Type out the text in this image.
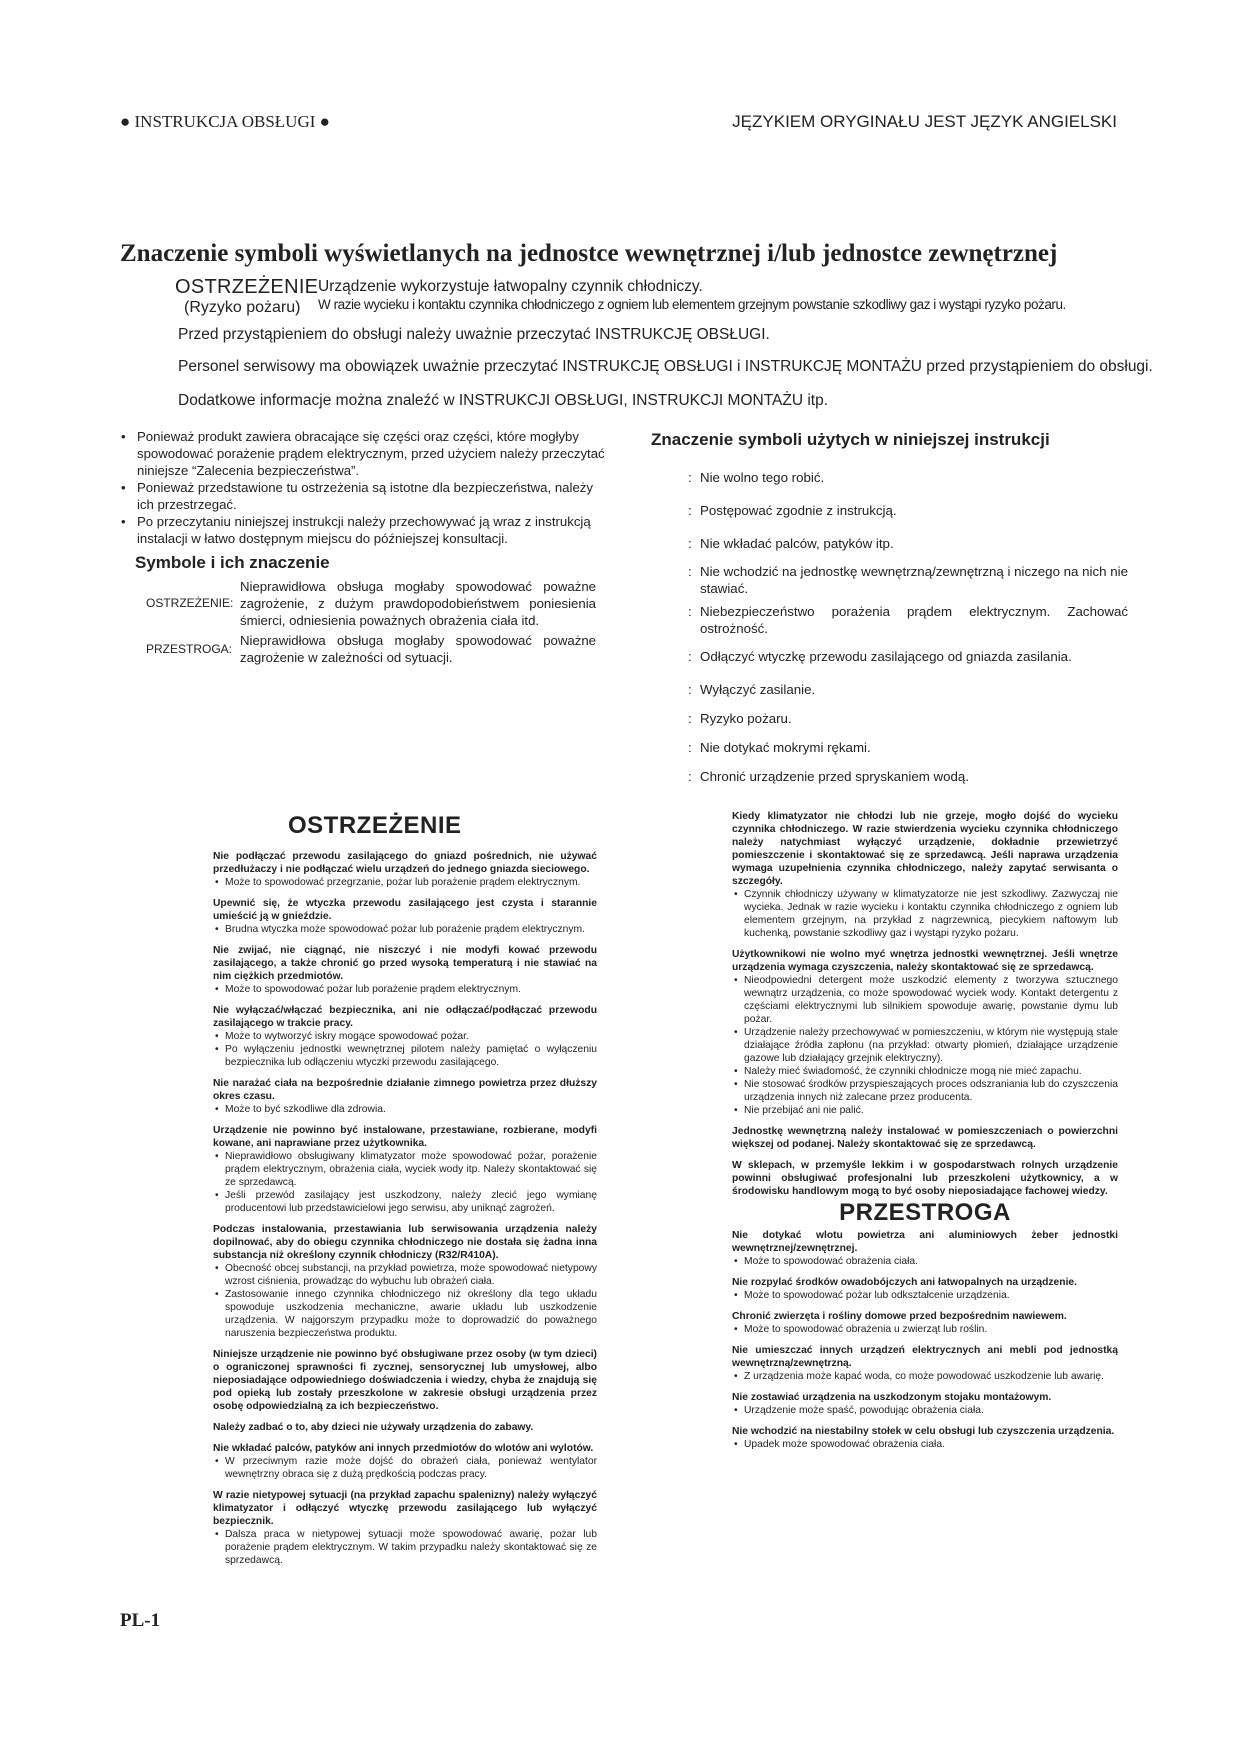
● INSTRUKCJA OBSŁUGI ●	JĘZYKIEM ORYGINAŁU JEST JĘZYK ANGIELSKI
Znaczenie symboli wyświetlanych na jednostce wewnętrznej i/lub jednostce zewnętrznej
OSTRZEŻENIE
(Ryzyko pożaru)
Urządzenie wykorzystuje łatwopalny czynnik chłodniczy.
W razie wycieku i kontaktu czynnika chłodniczego z ogniem lub elementem grzejnym powstanie szkodliwy gaz i wystąpi ryzyko pożaru.
Przed przystąpieniem do obsługi należy uważnie przeczytać INSTRUKCJĘ OBSŁUGI.
Personel serwisowy ma obowiązek uważnie przeczytać INSTRUKCJĘ OBSŁUGI i INSTRUKCJĘ MONTAŻU przed przystąpieniem do obsługi.
Dodatkowe informacje można znaleźć w INSTRUKCJI OBSŁUGI, INSTRUKCJI MONTAŻU itp.
• Ponieważ produkt zawiera obracające się części oraz części, które mogłyby spowodować porażenie prądem elektrycznym, przed użyciem należy przeczytać niniejsze “Zalecenia bezpieczeństwa”.
• Ponieważ przedstawione tu ostrzeżenia są istotne dla bezpieczeństwa, należy ich przestrzegać.
• Po przeczytaniu niniejszej instrukcji należy przechowywać ją wraz z instrukcją instalacji w łatwo dostępnym miejscu do późniejszej konsultacji.
Symbole i ich znaczenie
OSTRZEŻENIE:
Nieprawidłowa obsługa mogłaby spowodować poważne zagrożenie, z dużym prawdopodobieństwem poniesienia śmierci, odniesienia poważnych obrażenia ciała itd.
PRZESTROGA:
Nieprawidłowa obsługa mogłaby spowodować poważne zagrożenie w zależności od sytuacji.
Znaczenie symboli użytych w niniejszej instrukcji
: Nie wolno tego robić.
: Postępować zgodnie z instrukcją.
: Nie wkładać palców, patyków itp.
: Nie wchodzić na jednostkę wewnętrzną/zewnętrzną i niczego na nich nie stawiać.
: Niebezpieczeństwo porażenia prądem elektrycznym. Zachować ostrożność.
: Odłączyć wtyczkę przewodu zasilającego od gniazda zasilania.
: Wyłączyć zasilanie.
: Ryzyko pożaru.
: Nie dotykać mokrymi rękami.
: Chronić urządzenie przed spryskaniem wodą.
OSTRZEŻENIE
Nie podłączać przewodu zasilającego do gniazd pośrednich, nie używać przedłużaczy i nie podłączać wielu urządzeń do jednego gniazda sieciowego.
• Może to spowodować przegrzanie, pożar lub porażenie prądem elektrycznym.
Upewnić się, że wtyczka przewodu zasilającego jest czysta i starannie umieścić ją w gnieździe.
• Brudna wtyczka może spowodować pożar lub porażenie prądem elektrycznym.
Nie zwijać, nie ciągnąć, nie niszczyć i nie modyfi kować przewodu zasilającego, a także chronić go przed wysoką temperaturą i nie stawiać na nim ciężkich przedmiotów.
• Może to spowodować pożar lub porażenie prądem elektrycznym.
Nie wyłączać/włączać bezpiecznika, ani nie odłączać/podłączać przewodu zasilającego w trakcie pracy.
• Może to wytworzyć iskry mogące spowodować pożar.
• Po wyłączeniu jednostki wewnętrznej pilotem należy pamiętać o wyłączeniu bezpiecznika lub odłączeniu wtyczki przewodu zasilającego.
Nie narażać ciała na bezpośrednie działanie zimnego powietrza przez dłuższy okres czasu.
• Może to być szkodliwe dla zdrowia.
Urządzenie nie powinno być instalowane, przestawiane, rozbierane, modyfi kowane, ani naprawiane przez użytkownika.
• Nieprawidłowo obsługiwany klimatyzator może spowodować pożar, porażenie prądem elektrycznym, obrażenia ciała, wyciek wody itp. Należy skontaktować się ze sprzedawcą.
• Jeśli przewód zasilający jest uszkodzony, należy zlecić jego wymianę producentowi lub przedstawicielowi jego serwisu, aby uniknąć zagrożeń.
Podczas instalowania, przestawiania lub serwisowania urządzenia należy dopilnować, aby do obiegu czynnika chłodniczego nie dostała się żadna inna substancja niż określony czynnik chłodniczy (R32/R410A).
• Obecność obcej substancji, na przykład powietrza, może spowodować nietypowy wzrost ciśnienia, prowadząc do wybuchu lub obrażeń ciała.
• Zastosowanie innego czynnika chłodniczego niż określony dla tego układu spowoduje uszkodzenia mechaniczne, awarie układu lub uszkodzenie urządzenia. W najgorszym przypadku może to doprowadzić do poważnego naruszenia bezpieczeństwa produktu.
Niniejsze urządzenie nie powinno być obsługiwane przez osoby (w tym dzieci) o ograniczonej sprawności fi zycznej, sensorycznej lub umysłowej, albo nieposiadające odpowiedniego doświadczenia i wiedzy, chyba że znajdują się pod opieką lub zostały przeszkolone w zakresie obsługi urządzenia przez osobę odpowiedzialną za ich bezpieczeństwo.
Należy zadbać o to, aby dzieci nie używały urządzenia do zabawy.
Nie wkładać palców, patyków ani innych przedmiotów do wlotów ani wylotów.
• W przeciwnym razie może dojść do obrażeń ciała, ponieważ wentylator wewnętrzny obraca się z dużą prędkością podczas pracy.
W razie nietypowej sytuacji (na przykład zapachu spalenizny) należy wyłączyć klimatyzator i odłączyć wtyczkę przewodu zasilającego lub wyłączyć bezpiecznik.
• Dalsza praca w nietypowej sytuacji może spowodować awarię, pożar lub porażenie prądem elektrycznym. W takim przypadku należy skontaktować się ze sprzedawcą.
Kiedy klimatyzator nie chłodzi lub nie grzeje, mogło dojść do wycieku czynnika chłodniczego. W razie stwierdzenia wycieku czynnika chłodniczego należy natychmiast wyłączyć urządzenie, dokładnie przewietrzyć pomieszczenie i skontaktować się ze sprzedawcą. Jeśli naprawa urządzenia wymaga uzupełnienia czynnika chłodniczego, należy zapytać serwisanta o szczegóły.
• Czynnik chłodniczy używany w klimatyzatorze nie jest szkodliwy. Zazwyczaj nie wycieka. Jednak w razie wycieku i kontaktu czynnika chłodniczego z ogniem lub elementem grzejnym, na przykład z nagrzewnicą, piecykiem naftowym lub kuchenką, powstanie szkodliwy gaz i wystąpi ryzyko pożaru.
Użytkownikowi nie wolno myć wnętrza jednostki wewnętrznej. Jeśli wnętrze urządzenia wymaga czyszczenia, należy skontaktować się ze sprzedawcą.
• Nieodpowiedni detergent może uszkodzić elementy z tworzywa sztucznego wewnątrz urządzenia, co może spowodować wyciek wody. Kontakt detergentu z częściami elektrycznymi lub silnikiem spowoduje awarię, powstanie dymu lub pożar.
• Urządzenie należy przechowywać w pomieszczeniu, w którym nie występują stale działające źródła zapłonu (na przykład: otwarty płomień, działające urządzenie gazowe lub działający grzejnik elektryczny).
• Należy mieć świadomość, że czynniki chłodnicze mogą nie mieć zapachu.
• Nie stosować środków przyspieszających proces odszraniania lub do czyszczenia urządzenia innych niż zalecane przez producenta.
• Nie przebijać ani nie palić.
Jednostkę wewnętrzną należy instalować w pomieszczeniach o powierzchni większej od podanej. Należy skontaktować się ze sprzedawcą.
W sklepach, w przemyśle lekkim i w gospodarstwach rolnych urządzenie powinni obsługiwać profesjonalni lub przeszkoleni użytkownicy, a w środowisku handlowym mogą to być osoby nieposiadające fachowej wiedzy.
PRZESTROGA
Nie dotykać wlotu powietrza ani aluminiowych żeber jednostki wewnętrznej/zewnętrznej.
• Może to spowodować obrażenia ciała.
Nie rozpylać środków owadobójczych ani łatwopalnych na urządzenie.
• Może to spowodować pożar lub odkształcenie urządzenia.
Chronić zwierzęta i rośliny domowe przed bezpośrednim nawiewem.
• Może to spowodować obrażenia u zwierząt lub roślin.
Nie umieszczać innych urządzeń elektrycznych ani mebli pod jednostką wewnętrzną/zewnętrzną.
• Z urządzenia może kapać woda, co może powodować uszkodzenie lub awarię.
Nie zostawiać urządzenia na uszkodzonym stojaku montażowym.
• Urządzenie może spaść, powodując obrażenia ciała.
Nie wchodzić na niestabilny stołek w celu obsługi lub czyszczenia urządzenia.
• Upadek może spowodować obrażenia ciała.
PL-1
